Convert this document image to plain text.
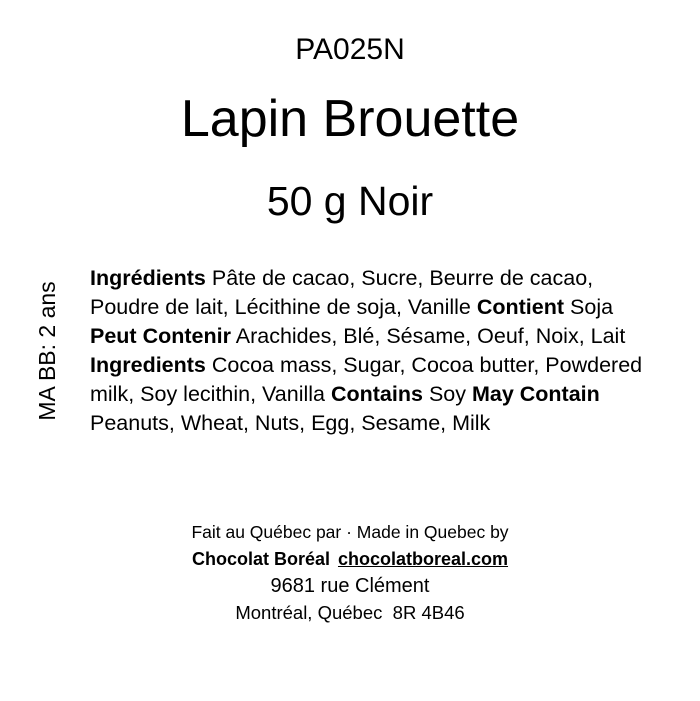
PA025N
Lapin Brouette
50 g Noir
MA BB: 2 ans
Ingrédients Pâte de cacao, Sucre, Beurre de cacao, Poudre de lait, Lécithine de soja, Vanille Contient Soja Peut Contenir Arachides, Blé, Sésame, Oeuf, Noix, Lait Ingredients Cocoa mass, Sugar, Cocoa butter, Powdered milk, Soy lecithin, Vanilla Contains Soy May Contain Peanuts, Wheat, Nuts, Egg, Sesame, Milk
Fait au Québec par · Made in Quebec by
Chocolat Boréal chocolatboreal.com
9681 rue Clément
Montréal, Québec  8R 4B46
